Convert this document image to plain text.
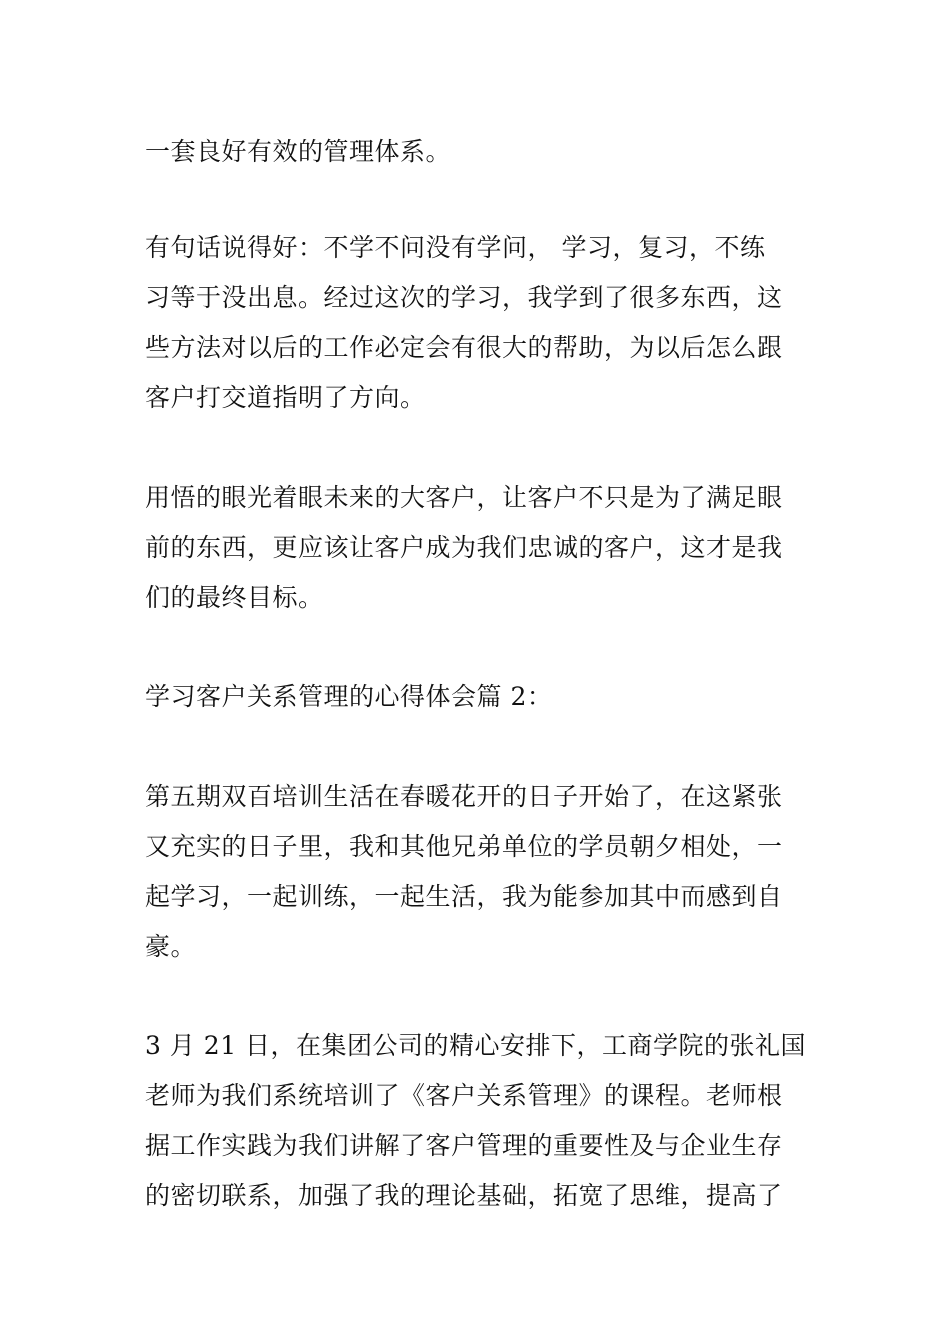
一套良好有效的管理体系。
有句话说得好：不学不问没有学问， 学习，复习，不练
习等于没出息。经过这次的学习，我学到了很多东西，这
些方法对以后的工作必定会有很大的帮助，为以后怎么跟
客户打交道指明了方向。
用悟的眼光着眼未来的大客户，让客户不只是为了满足眼
前的东西，更应该让客户成为我们忠诚的客户，这才是我
们的最终目标。
学习客户关系管理的心得体会篇 2：
第五期双百培训生活在春暖花开的日子开始了，在这紧张
又充实的日子里，我和其他兄弟单位的学员朝夕相处，一
起学习，一起训练，一起生活，我为能参加其中而感到自
豪。
3 月 21 日，在集团公司的精心安排下，工商学院的张礼国
老师为我们系统培训了《客户关系管理》的课程。老师根
据工作实践为我们讲解了客户管理的重要性及与企业生存
的密切联系，加强了我的理论基础，拓宽了思维，提高了
